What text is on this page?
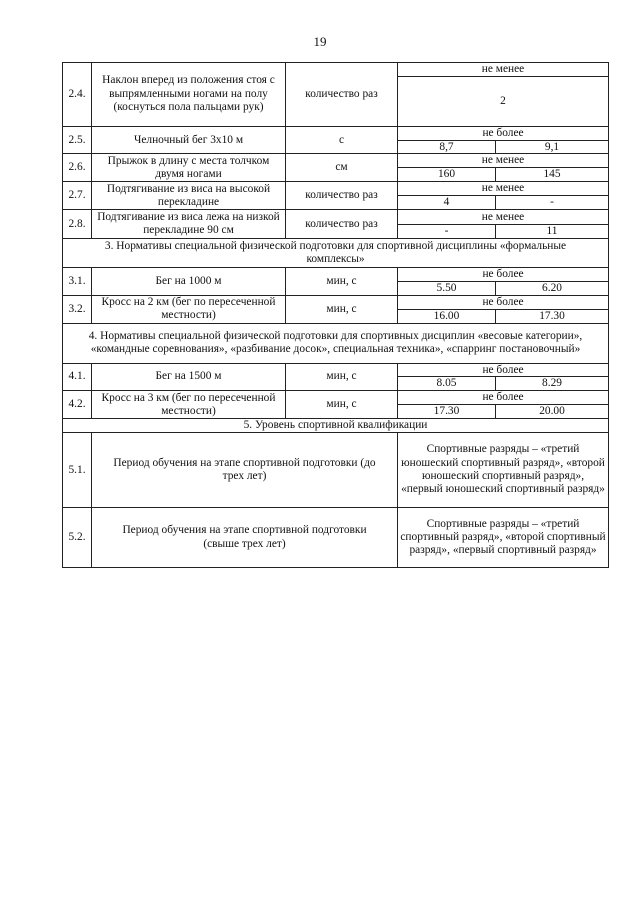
19
2.4.	Наклон вперед из положения стоя с выпрямленными ногами на полу (коснуться пола пальцами рук)	количество раз	не менее	
			2	
2.5.	Челночный бег 3x10 м	с	не более	
			8,7	9,1
2.6.	Прыжок в длину с места толчком двумя ногами	см	не менее	
			160	145
2.7.	Подтягивание из виса на высокой перекладине	количество раз	не менее	
			4	-
2.8.	Подтягивание из виса лежа на низкой перекладине 90 см	количество раз	не менее	
			-	11
3. Нормативы специальной физической подготовки для спортивной дисциплины «формальные комплексы»				
3.1.	Бег на 1000 м	мин, с	не более	
			5.50	6.20
3.2.	Кросс на 2 км (бег по пересеченной местности)	мин, с	не более	
			16.00	17.30
4. Нормативы специальной физической подготовки для спортивных дисциплин «весовые категории», «командные соревнования», «разбивание досок», специальная техника», «спарринг постановочный»				
4.1.	Бег на 1500 м	мин, с	не более	
			8.05	8.29
4.2.	Кросс на 3 км (бег по пересеченной местности)	мин, с	не более	
			17.30	20.00
5. Уровень спортивной квалификации				
5.1.	Период обучения на этапе спортивной подготовки (до трех лет)		Спортивные разряды – «третий юношеский спортивный разряд», «второй юношеский спортивный разряд», «первый юношеский спортивный разряд»	
5.2.	Период обучения на этапе спортивной подготовки (свыше трех лет)		Спортивные разряды – «третий спортивный разряд», «второй спортивный разряд», «первый спортивный разряд»	
